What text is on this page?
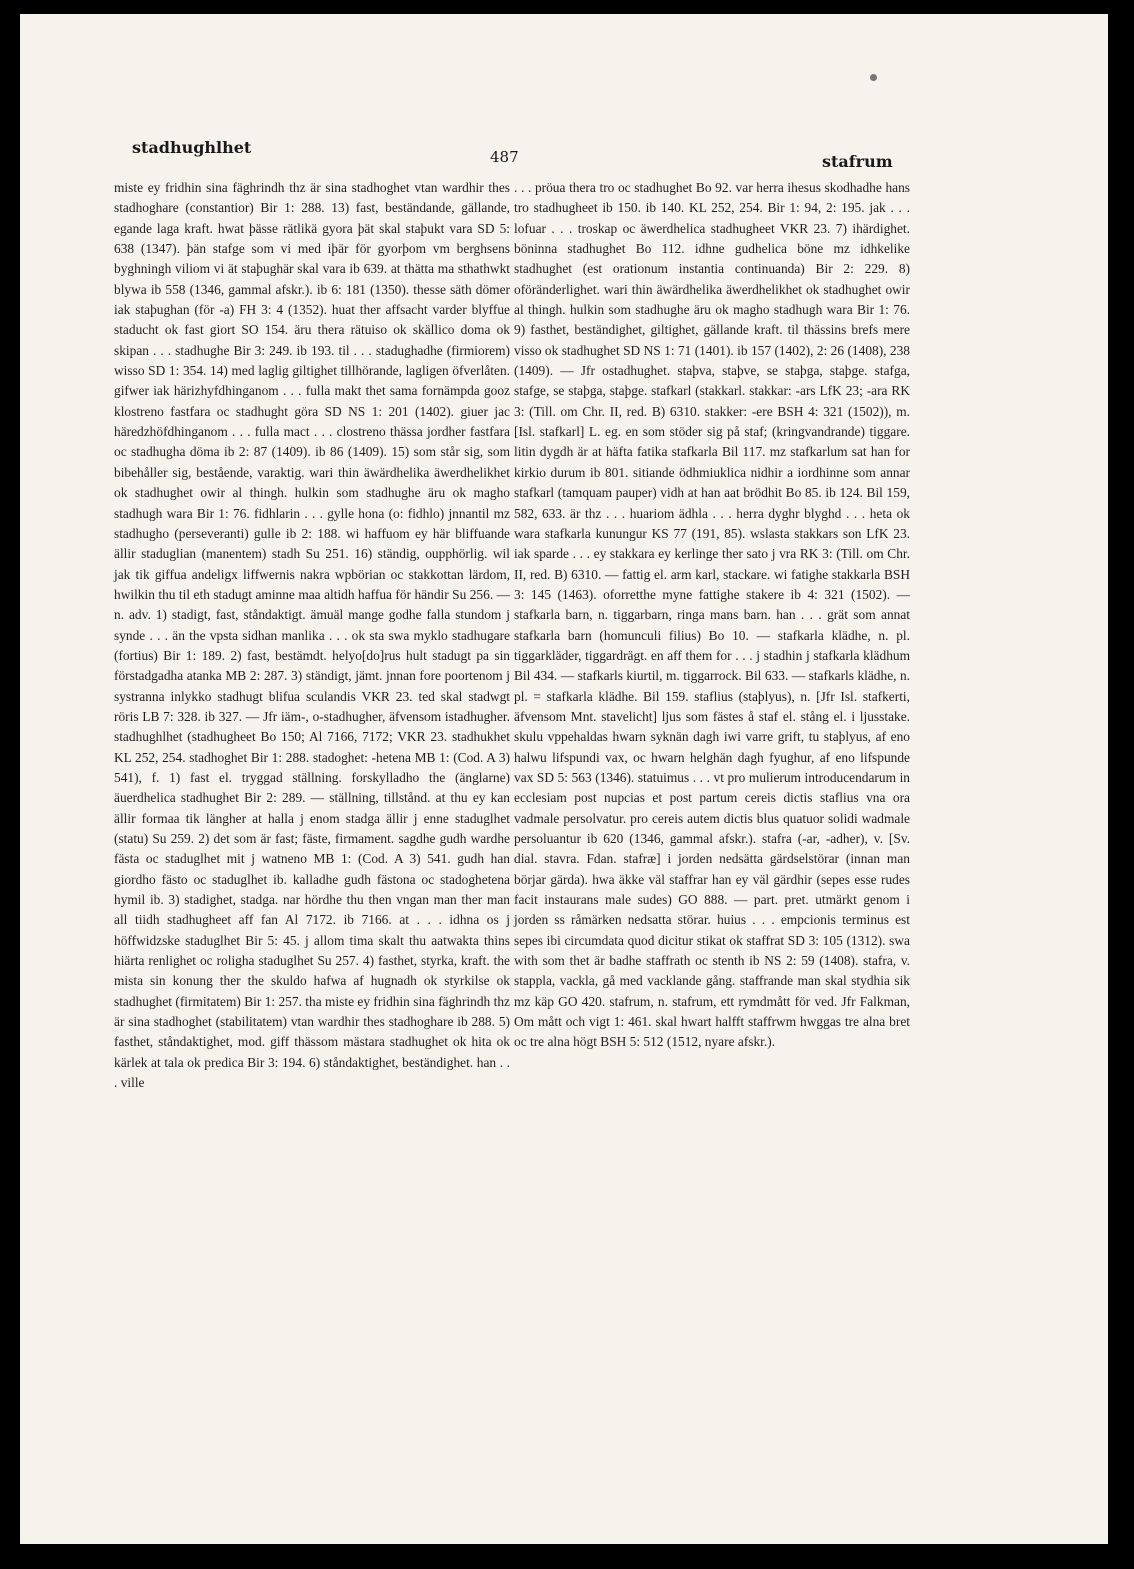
stadhughlhet	487	stafrum

miste ey fridhin sina fäghrindh thz är sina stadhoghet vtan wardhir thes stadhoghare (constantior) Bir 1: 288. 13) fast, beständande, gällande, egande laga kraft. hwat þässe rätlikä gyora þät skal staþukt vara SD 5: 638 (1347). þän stafge som vi med iþär för gyorþom vm berghsens byghningh viliom vi ät staþughär skal vara ib 639. at thätta ma sthathwkt blywa ib 558 (1346, gammal afskr.). ib 6: 181 (1350). thesse säth dömer iak staþughan (för -a) FH 3: 4 (1352). huat ther affsacht varder blyffue staducht ok fast giort SO 154. äru thera rätuiso ok skällico doma ok skipan . . . stadhughe Bir 3: 249. ib 193. til . . . stadughadhe (firmiorem) wisso SD 1: 354. 14) med laglig giltighet tillhörande, lagligen öfverlåten. gifwer iak härizhyfdhinganom . . . fulla makt thet sama fornämpda gooz klostreno fastfara oc stadhught göra SD NS 1: 201 (1402). giuer jac häredzhöfdhinganom . . . fulla mact . . . clostreno thässa jordher fastfara oc stadhugha döma ib 2: 87 (1409). ib 86 (1409). 15) som står sig, som bibehåller sig, bestående, varaktig. wari thin äwärdhelika äwerdhelikhet ok stadhughet owir al thingh. hulkin som stadhughe äru ok magho stadhugh wara Bir 1: 76. fidhlarin . . . gylle hona (o: fidhlo) jnnantil mz stadhugho (perseveranti) gulle ib 2: 188. wi haffuom ey här bliffuande ällir staduglian (manentem) stadh Su 251. 16) ständig, oupphörlig. wil jak tik giffua andeligx liffwernis nakra wpbörian oc stakkottan lärdom, hwilkin thu til eth stadugt aminne maa altidh haffua för händir Su 256. — n. adv. 1) stadigt, fast, ståndaktigt. ämuäl mange godhe falla stundom j synde . . . än the vpsta sidhan manlika . . . ok sta swa myklo stadhugare (fortius) Bir 1: 189. 2) fast, bestämdt. helyo[do]rus hult stadugt pa sin förstadgadha atanka MB 2: 287. 3) ständigt, jämt. jnnan fore poortenom j systranna inlykko stadhugt blifua sculandis VKR 23. ted skal stadwgt röris LB 7: 328. ib 327. — Jfr iäm-, o-stadhugher, äfvensom istadhugher. stadhughlhet (stadhugheet Bo 150; Al 7166, 7172; VKR 23. stadhukhet KL 252, 254. stadhoghet Bir 1: 288. stadoghet: -hetena MB 1: (Cod. A 3) 541), f. 1) fast el. tryggad ställning. forskylladho the (änglarne) äuerdhelica stadhughet Bir 2: 289. — ställning, tillstånd. at thu ey kan ällir formaa tik längher at halla j enom stadga ällir j enne staduglhet (statu) Su 259. 2) det som är fast; fäste, firmament. sagdhe gudh wardhe fästa oc staduglhet mit j watneno MB 1: (Cod. A 3) 541. gudh han giordho fästo oc staduglhet ib. kalladhe gudh fästona oc stadoghetena hymil ib. 3) stadighet, stadga. nar hördhe thu then vngan man ther man all tiidh stadhugheet aff fan Al 7172. ib 7166. at . . . idhna os j höffwidzske staduglhet Bir 5: 45. j allom tima skalt thu aatwakta thins hiärta renlighet oc roligha staduglhet Su 257. 4) fasthet, styrka, kraft. the mista sin konung ther the skuldo hafwa af hugnadh ok styrkilse ok stadhughet (firmitatem) Bir 1: 257. tha miste ey fridhin sina fäghrindh thz är sina stadhoghet (stabilitatem) vtan wardhir thes stadhoghare ib 288. 5) fasthet, ståndaktighet, mod. giff thässom mästara stadhughet ok hita ok kärlek at tala ok predica Bir 3: 194. 6) ståndaktighet, beständighet. han . . . ville

. . . pröua thera tro oc stadhughet Bo 92. var herra ihesus skodhadhe hans tro stadhugheet ib 150. ib 140. KL 252, 254. Bir 1: 94, 2: 195. jak . . . lofuar . . . troskap oc äwerdhelica stadhugheet VKR 23. 7) ihärdighet. böninna stadhughet Bo 112. idhne gudhelica böne mz idhkelike stadhughet (est orationum instantia continuanda) Bir 2: 229. 8) oföränderlighet. wari thin äwärdhelika äwerdhelikhet ok stadhughet owir al thingh. hulkin som stadhughe äru ok magho stadhugh wara Bir 1: 76. 9) fasthet, beständighet, giltighet, gällande kraft. til thässins brefs mere visso ok stadhughet SD NS 1: 71 (1401). ib 157 (1402), 2: 26 (1408), 238 (1409). — Jfr ostadhughet. staþva, staþve, se staþga, staþge. stafga, stafge, se staþga, staþge. stafkarl (stakkarl. stakkar: -ars LfK 23; -ara RK 3: (Till. om Chr. II, red. B) 6310. stakker: -ere BSH 4: 321 (1502)), m. [Isl. stafkarl] L. eg. en som stöder sig på staf; (kringvandrande) tiggare. litin dygdh är at häfta fatika stafkarla Bil 117. mz stafkarlum sat han for kirkio durum ib 801. sitiande ödhmiuklica nidhir a iordhinne som annar stafkarl (tamquam pauper) vidh at han aat brödhit Bo 85. ib 124. Bil 159, 582, 633. är thz . . . huariom ädhla . . . herra dyghr blyghd . . . heta ok wara stafkarla kunungur KS 77 (191, 85). wslasta stakkars son LfK 23. iak sparde . . . ey stakkara ey kerlinge ther sato j vra RK 3: (Till. om Chr. II, red. B) 6310. — fattig el. arm karl, stackare. wi fatighe stakkarla BSH 3: 145 (1463). oforretthe myne fattighe stakere ib 4: 321 (1502). — stafkarla barn, n. tiggarbarn, ringa mans barn. han . . . grät som annat stafkarla barn (homunculi filius) Bo 10. — stafkarla klädhe, n. pl. tiggarkläder, tiggardrägt. en aff them for . . . j stadhin j stafkarla klädhum Bil 434. — stafkarls kiurtil, m. tiggarrock. Bil 633. — stafkarls klädhe, n. pl. = stafkarla klädhe. Bil 159. staflius (staþlyus), n. [Jfr Isl. stafkerti, äfvensom Mnt. stavelicht] ljus som fästes å staf el. stång el. i ljusstake. skulu vppehaldas hwarn syknän dagh iwi varre grift, tu staþlyus, af eno halwu lifspundi vax, oc hwarn helghän dagh fyughur, af eno lifspunde vax SD 5: 563 (1346). statuimus . . . vt pro mulierum introducendarum in ecclesiam post nupcias et post partum cereis dictis staflius vna ora vadmale persolvatur. pro cereis autem dictis blus quatuor solidi wadmale persoluantur ib 620 (1346, gammal afskr.). stafra (-ar, -adher), v. [Sv. dial. stavra. Fdan. stafræ] i jorden nedsätta gärdselstörar (innan man börjar gärda). hwa äkke väl staffrar han ey väl gärdhir (sepes esse rudes facit instaurans male sudes) GO 888. — part. pret. utmärkt genom i jorden ss råmärken nedsatta störar. huius . . . empcionis terminus est sepes ibi circumdata quod dicitur stikat ok staffrat SD 3: 105 (1312). swa with som thet är badhe staffrath oc stenth ib NS 2: 59 (1408). stafra, v. stappla, vackla, gå med vacklande gång. staffrande man skal stydhia sik mz käp GO 420. stafrum, n. stafrum, ett rymdmått för ved. Jfr Falkman, Om mått och vigt 1: 461. skal hwart halfft staffrwm hwggas tre alna bret oc tre alna högt BSH 5: 512 (1512, nyare afskr.).
